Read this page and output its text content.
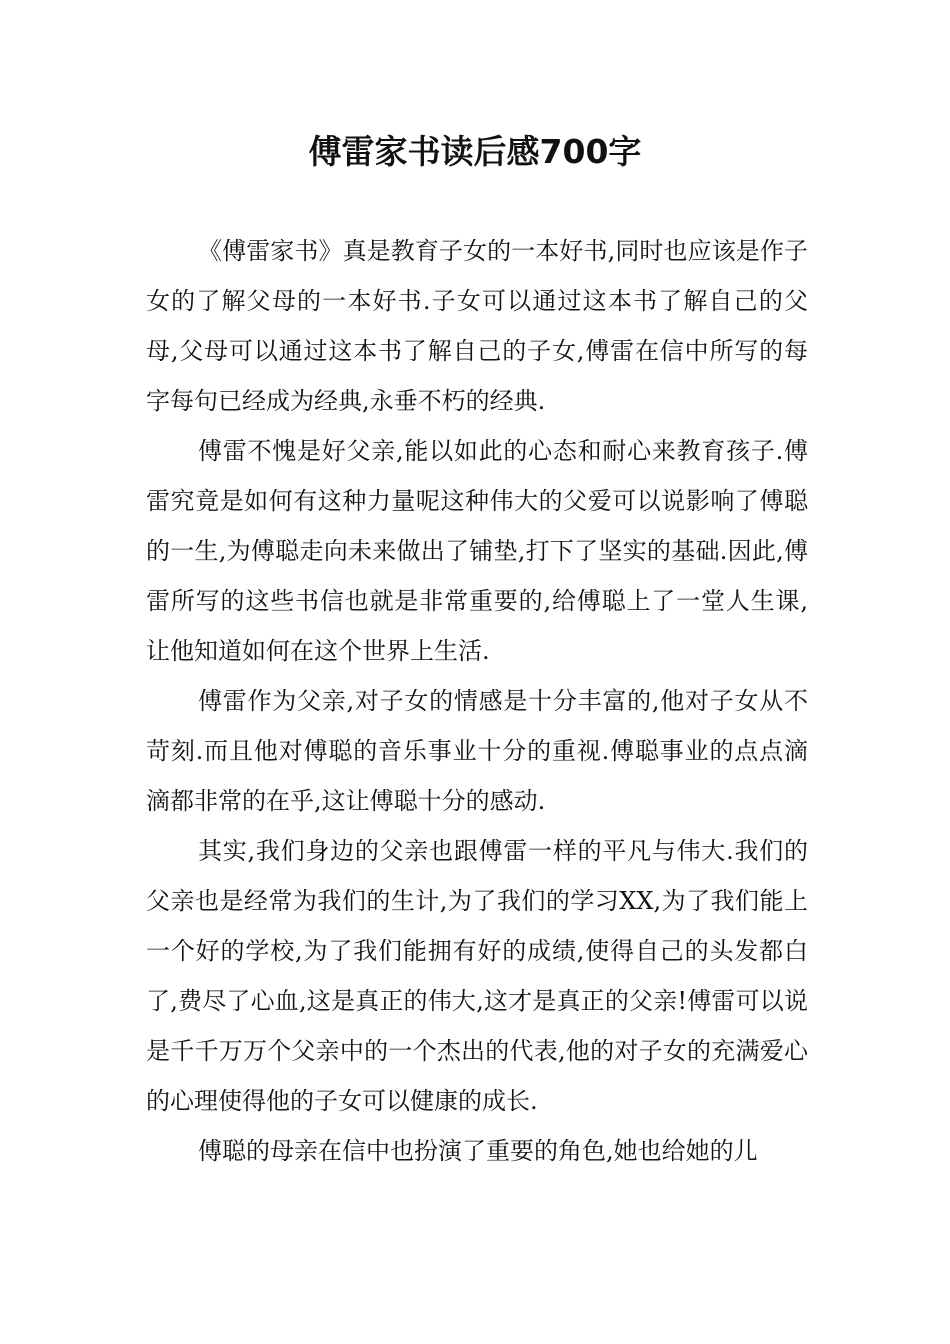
傅雷家书读后感700字

《傅雷家书》真是教育子女的一本好书,同时也应该是作子女的了解父母的一本好书.子女可以通过这本书了解自己的父母,父母可以通过这本书了解自己的子女,傅雷在信中所写的每字每句已经成为经典,永垂不朽的经典.

傅雷不愧是好父亲,能以如此的心态和耐心来教育孩子.傅雷究竟是如何有这种力量呢这种伟大的父爱可以说影响了傅聪的一生,为傅聪走向未来做出了铺垫,打下了坚实的基础.因此,傅雷所写的这些书信也就是非常重要的,给傅聪上了一堂人生课,让他知道如何在这个世界上生活.

傅雷作为父亲,对子女的情感是十分丰富的,他对子女从不苛刻.而且他对傅聪的音乐事业十分的重视.傅聪事业的点点滴滴都非常的在乎,这让傅聪十分的感动.

其实,我们身边的父亲也跟傅雷一样的平凡与伟大.我们的父亲也是经常为我们的生计,为了我们的学习XX,为了我们能上一个好的学校,为了我们能拥有好的成绩,使得自己的头发都白了,费尽了心血,这是真正的伟大,这才是真正的父亲!傅雷可以说是千千万万个父亲中的一个杰出的代表,他的对子女的充满爱心的心理使得他的子女可以健康的成长.

傅聪的母亲在信中也扮演了重要的角色,她也给她的儿
